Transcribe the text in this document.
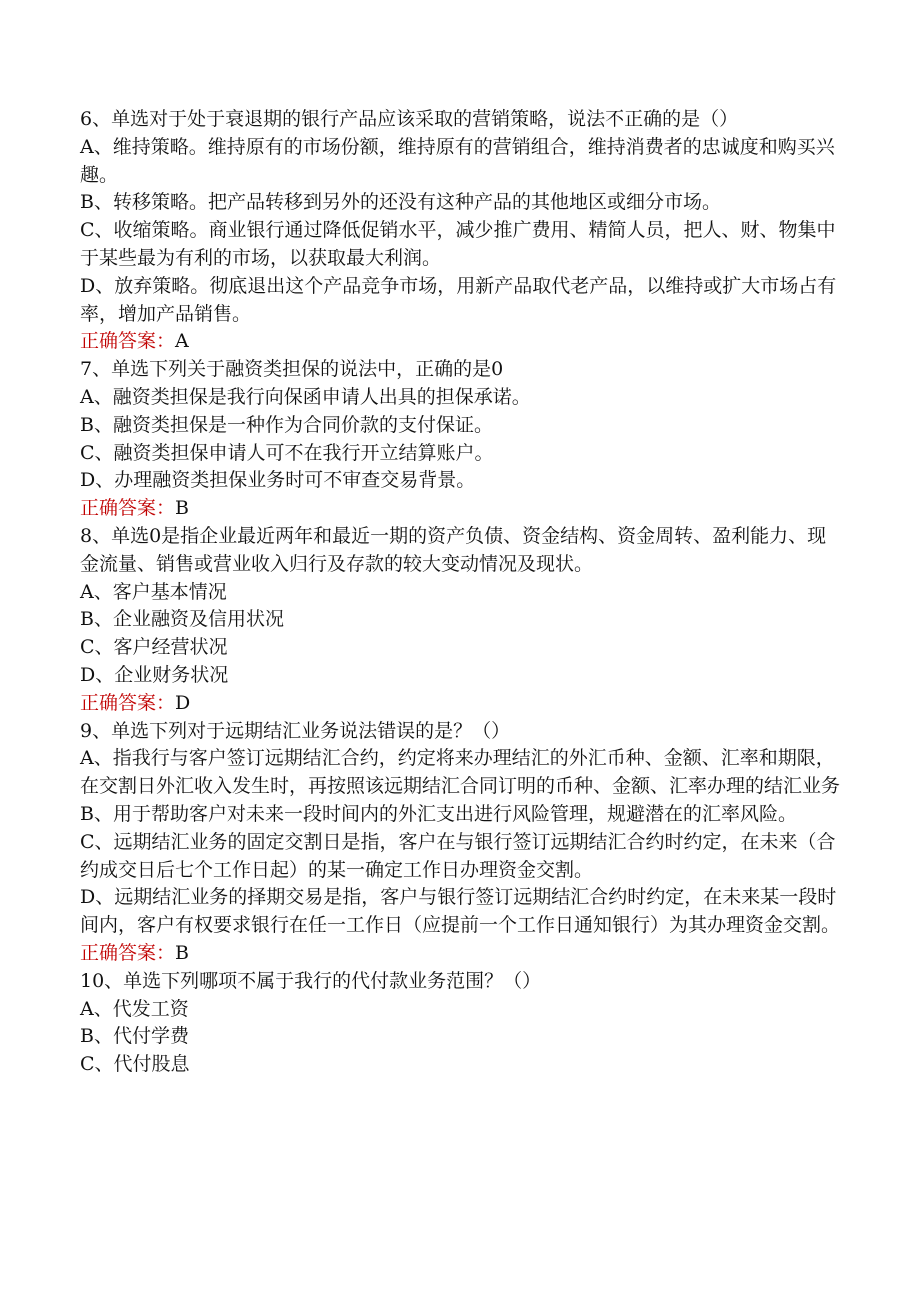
6、单选对于处于衰退期的银行产品应该采取的营销策略，说法不正确的是（）

A、维持策略。维持原有的市场份额，维持原有的营销组合，维持消费者的忠诚度和购买兴趣。

B、转移策略。把产品转移到另外的还没有这种产品的其他地区或细分市场。

C、收缩策略。商业银行通过降低促销水平，减少推广费用、精简人员，把人、财、物集中于某些最为有利的市场，以获取最大利润。

D、放弃策略。彻底退出这个产品竞争市场，用新产品取代老产品，以维持或扩大市场占有率，增加产品销售。

正确答案：A

7、单选下列关于融资类担保的说法中，正确的是0

A、融资类担保是我行向保函申请人出具的担保承诺。

B、融资类担保是一种作为合同价款的支付保证。

C、融资类担保申请人可不在我行开立结算账户。

D、办理融资类担保业务时可不审查交易背景。

正确答案：B

8、单选0是指企业最近两年和最近一期的资产负债、资金结构、资金周转、盈利能力、现金流量、销售或营业收入归行及存款的较大变动情况及现状。

A、客户基本情况

B、企业融资及信用状况

C、客户经营状况

D、企业财务状况

正确答案：D

9、单选下列对于远期结汇业务说法错误的是？（）

A、指我行与客户签订远期结汇合约，约定将来办理结汇的外汇币种、金额、汇率和期限，在交割日外汇收入发生时，再按照该远期结汇合同订明的币种、金额、汇率办理的结汇业务

B、用于帮助客户对未来一段时间内的外汇支出进行风险管理，规避潜在的汇率风险。

C、远期结汇业务的固定交割日是指，客户在与银行签订远期结汇合约时约定，在未来（合约成交日后七个工作日起）的某一确定工作日办理资金交割。

D、远期结汇业务的择期交易是指，客户与银行签订远期结汇合约时约定，在未来某一段时间内，客户有权要求银行在任一工作日（应提前一个工作日通知银行）为其办理资金交割。

正确答案：B

10、单选下列哪项不属于我行的代付款业务范围？（）

A、代发工资

B、代付学费

C、代付股息
